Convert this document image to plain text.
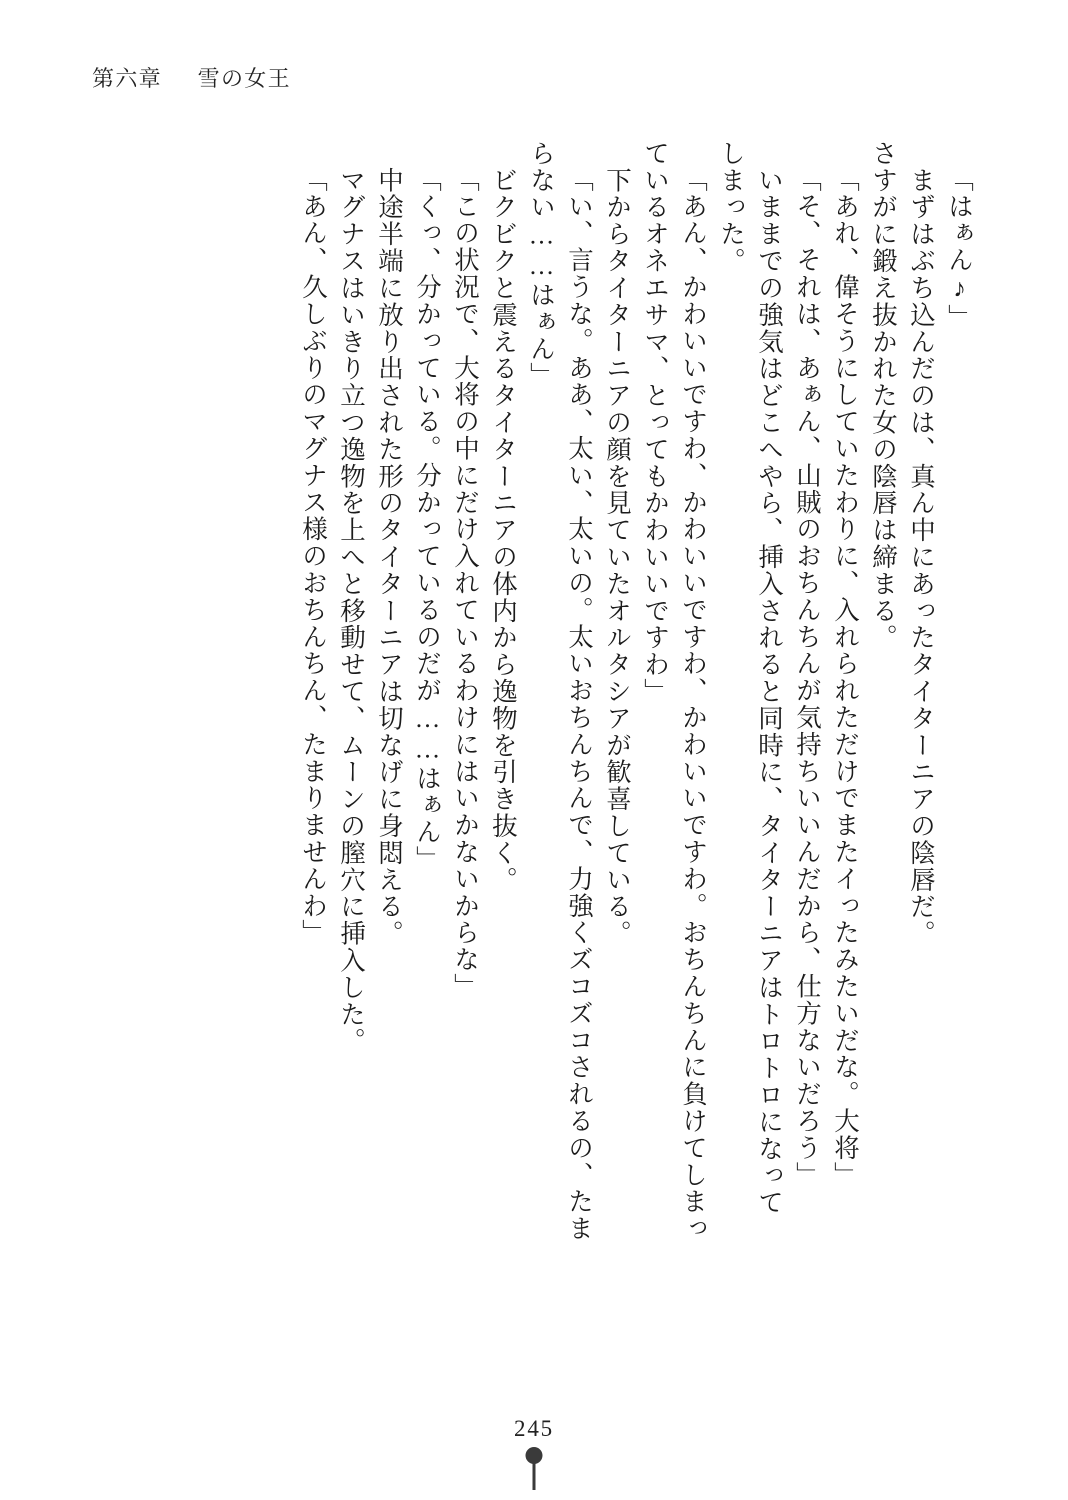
第六章 雪の女王
「あん、久しぶりのマグナス様のおちんちん、たまりませんわ」 　マグナスはいきり立つ逸物を上へと移動せて、ムーンの膣穴に挿入した。 　中途半端に放り出された形のタイターニアは切なげに身悶える。 「くっ、分かっている。分かっているのだが……はぁん」 「この状況で、大将の中にだけ入れているわけにはいかないからな」 　ビクビクと震えるタイターニアの体内から逸物を引き抜く。 らない……はぁん」 「い、言うな。ああ、太い、太いの。太いおちんちんで、力強くズコズコされるの、たま 　下からタイターニアの顔を見ていたオルタシアが歓喜している。 ているオネエサマ、とってもかわいいですわ」 「あん、かわいいですわ、かわいいですわ、かわいいですわ。おちんちんに負けてしまっ しまった。 　いままでの強気はどこへやら、挿入されると同時に、タイターニアはトロトロになって 「そ、それは、あぁん、山賊のおちんちんが気持ちいいんだから、仕方ないだろう」 「あれ、偉そうにしていたわりに、入れられただけでまたイったみたいだな。大将」 さすがに鍛え抜かれた女の陰唇は締まる。 　まずはぶち込んだのは、真ん中にあったタイターニアの陰唇だ。 「はぁん♪」
245
